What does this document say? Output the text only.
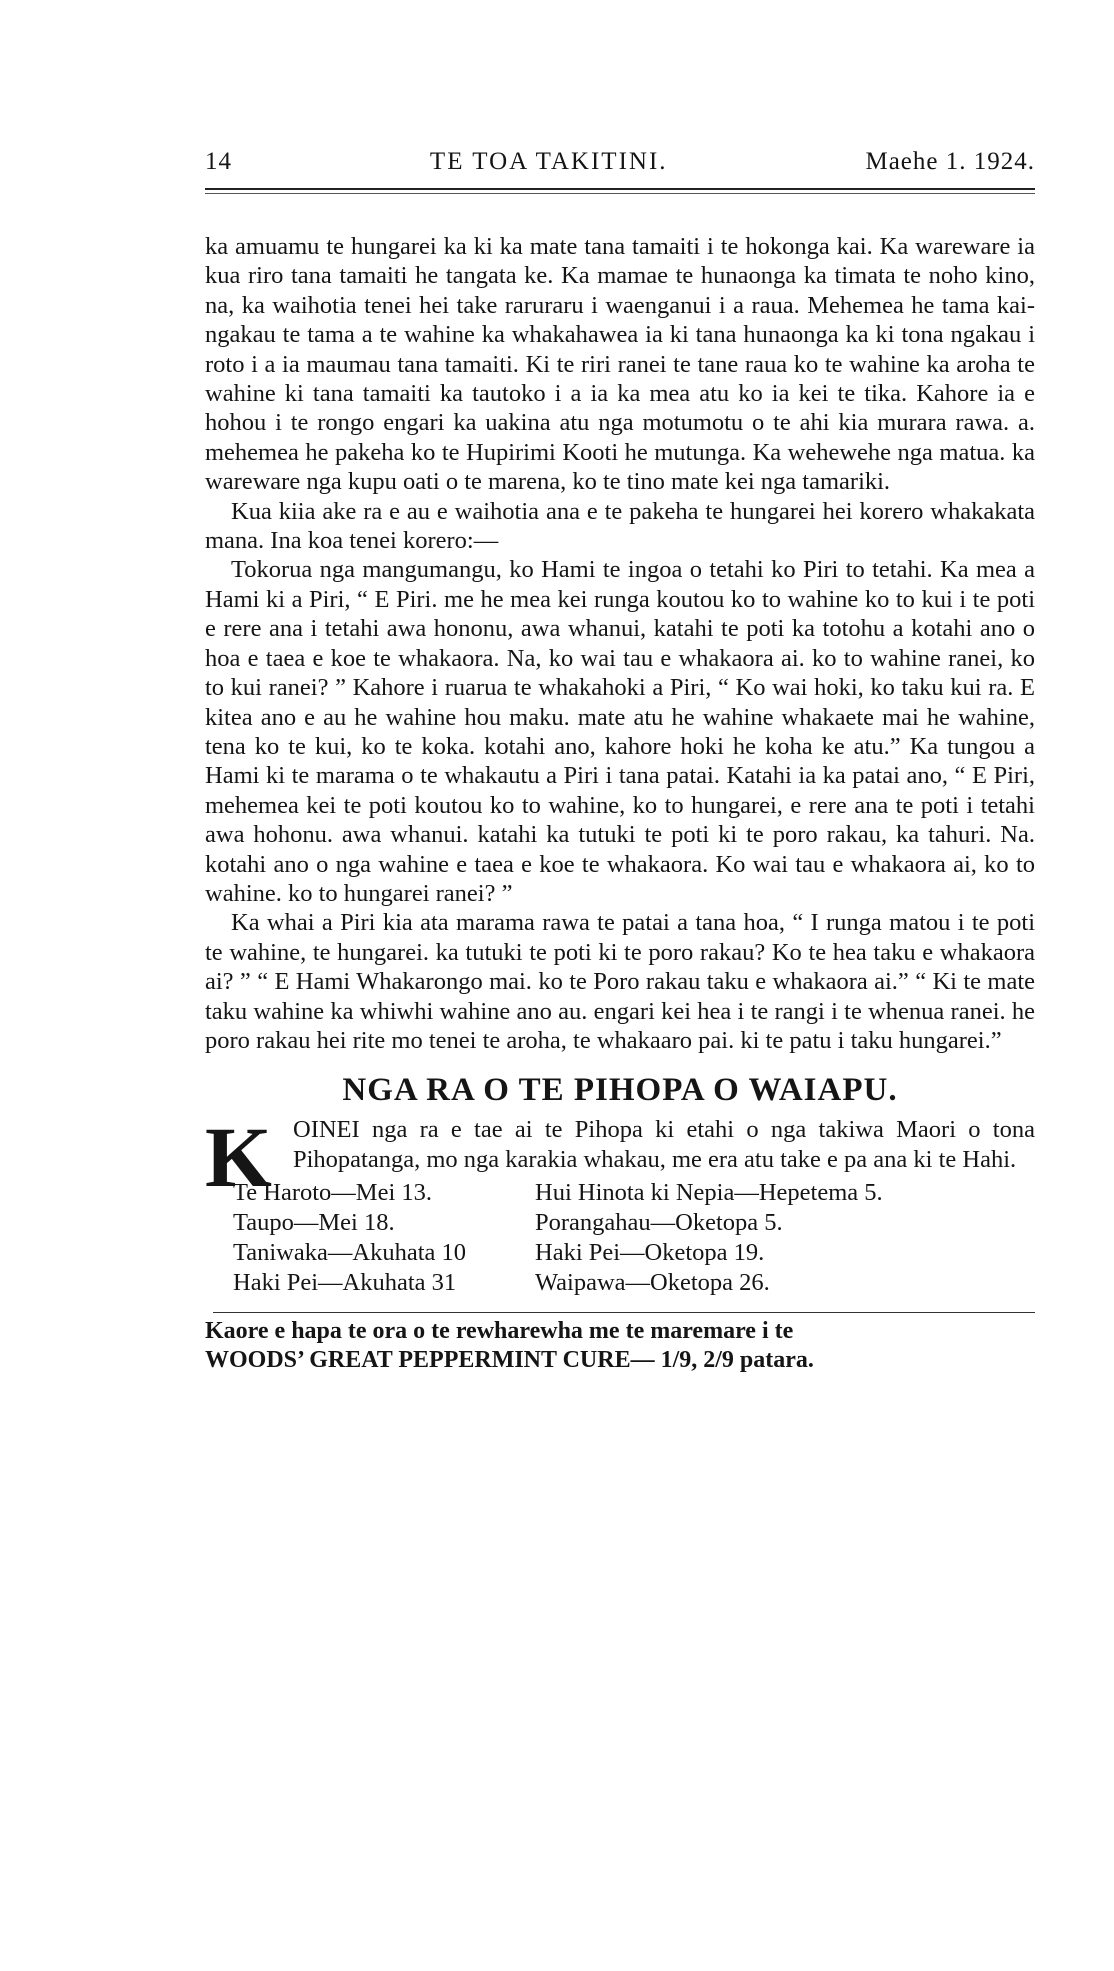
14	TE TOA TAKITINI.	Maehe 1. 1924.

ka amuamu te hungarei ka ki ka mate tana tamaiti i te hokonga kai. Ka wareware ia kua riro tana tamaiti he tangata ke. Ka mamae te hunaonga ka timata te noho kino, na, ka waihotia tenei hei take raruraru i waenganui i a raua. Mehemea he tama kai-ngakau te tama a te wahine ka whakahawea ia ki tana hunaonga ka ki tona ngakau i roto i a ia maumau tana tamaiti. Ki te riri ranei te tane raua ko te wahine ka aroha te wahine ki tana tamaiti ka tautoko i a ia ka mea atu ko ia kei te tika. Kahore ia e hohou i te rongo engari ka uakina atu nga motumotu o te ahi kia murara rawa. a. mehemea he pakeha ko te Hupirimi Kooti he mutunga. Ka wehewehe nga matua. ka wareware nga kupu oati o te marena, ko te tino mate kei nga tamariki.

Kua kiia ake ra e au e waihotia ana e te pakeha te hungarei hei korero whakakata mana. Ina koa tenei korero:—

Tokorua nga mangumangu, ko Hami te ingoa o tetahi ko Piri to tetahi. Ka mea a Hami ki a Piri, “ E Piri. me he mea kei runga koutou ko to wahine ko to kui i te poti e rere ana i tetahi awa hononu, awa whanui, katahi te poti ka totohu a kotahi ano o hoa e taea e koe te whakaora. Na, ko wai tau e whakaora ai. ko to wahine ranei, ko to kui ranei? ” Kahore i ruarua te whakahoki a Piri, “ Ko wai hoki, ko taku kui ra. E kitea ano e au he wahine hou maku. mate atu he wahine whakaete mai he wahine, tena ko te kui, ko te koka. kotahi ano, kahore hoki he koha ke atu.” Ka tungou a Hami ki te marama o te whakautu a Piri i tana patai. Katahi ia ka patai ano, “ E Piri, mehemea kei te poti koutou ko to wahine, ko to hungarei, e rere ana te poti i tetahi awa hohonu. awa whanui. katahi ka tutuki te poti ki te poro rakau, ka tahuri. Na. kotahi ano o nga wahine e taea e koe te whakaora. Ko wai tau e whakaora ai, ko to wahine. ko to hungarei ranei? ”

Ka whai a Piri kia ata marama rawa te patai a tana hoa, “ I runga matou i te poti te wahine, te hungarei. ka tutuki te poti ki te poro rakau? Ko te hea taku e whakaora ai? ” “ E Hami Whakarongo mai. ko te Poro rakau taku e whakaora ai.” “ Ki te mate taku wahine ka whiwhi wahine ano au. engari kei hea i te rangi i te whenua ranei. he poro rakau hei rite mo tenei te aroha, te whakaaro pai. ki te patu i taku hungarei.”

NGA RA O TE PIHOPA O WAIAPU.
K OINEI nga ra e tae ai te Pihopa ki etahi o nga takiwa Maori o tona Pihopatanga, mo nga karakia whakau, me era atu take e pa ana ki te Hahi.
Te Haroto—Mei 13.	Hui Hinota ki Nepia—Hepetema 5.
Taupo—Mei 18.	Porangahau—Oketopa 5.
Taniwaka—Akuhata 10	Haki Pei—Oketopa 19.
Haki Pei—Akuhata 31	Waipawa—Oketopa 26.

Kaore e hapa te ora o te rewharewha me te maremare i te

WOODS’ GREAT PEPPERMINT CURE— 1/9, 2/9 patara.
